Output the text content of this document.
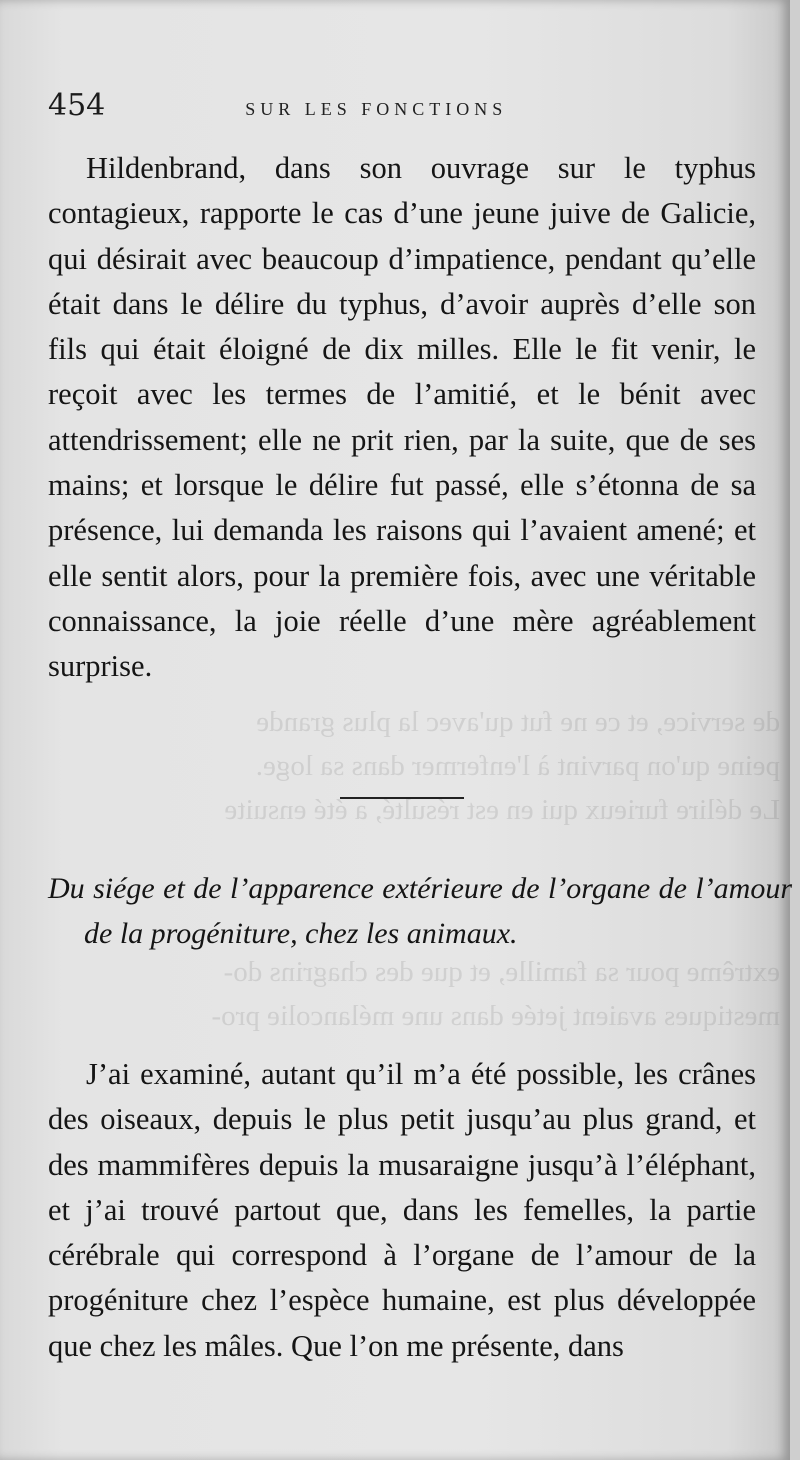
de service, et ce ne fut qu'avec la plus grande
peine qu'on parvint à l'enfermer dans sa loge.
Le délire furieux qui en est résulté, a été ensuite
extrême pour sa famille, et que des chagrins do-
mestiques avaient jetée dans une mélancolie pro-
454	SUR LES FONCTIONS

Hildenbrand, dans son ouvrage sur le typhus contagieux, rapporte le cas d’une jeune juive de Galicie, qui désirait avec beaucoup d’impatience, pendant qu’elle était dans le délire du typhus, d’avoir auprès d’elle son fils qui était éloigné de dix milles. Elle le fit venir, le reçoit avec les termes de l’amitié, et le bénit avec attendrissement; elle ne prit rien, par la suite, que de ses mains; et lorsque le délire fut passé, elle s’étonna de sa présence, lui demanda les raisons qui l’avaient amené; et elle sentit alors, pour la première fois, avec une véritable connaissance, la joie réelle d’une mère agréablement surprise.

Du siége et de l’apparence extérieure de l’organe de l’amour de la progéniture, chez les animaux.

J’ai examiné, autant qu’il m’a été possible, les crânes des oiseaux, depuis le plus petit jusqu’au plus grand, et des mammifères depuis la musaraigne jusqu’à l’éléphant, et j’ai trouvé partout que, dans les femelles, la partie cérébrale qui correspond à l’organe de l’amour de la progéniture chez l’espèce humaine, est plus développée que chez les mâles. Que l’on me présente, dans
